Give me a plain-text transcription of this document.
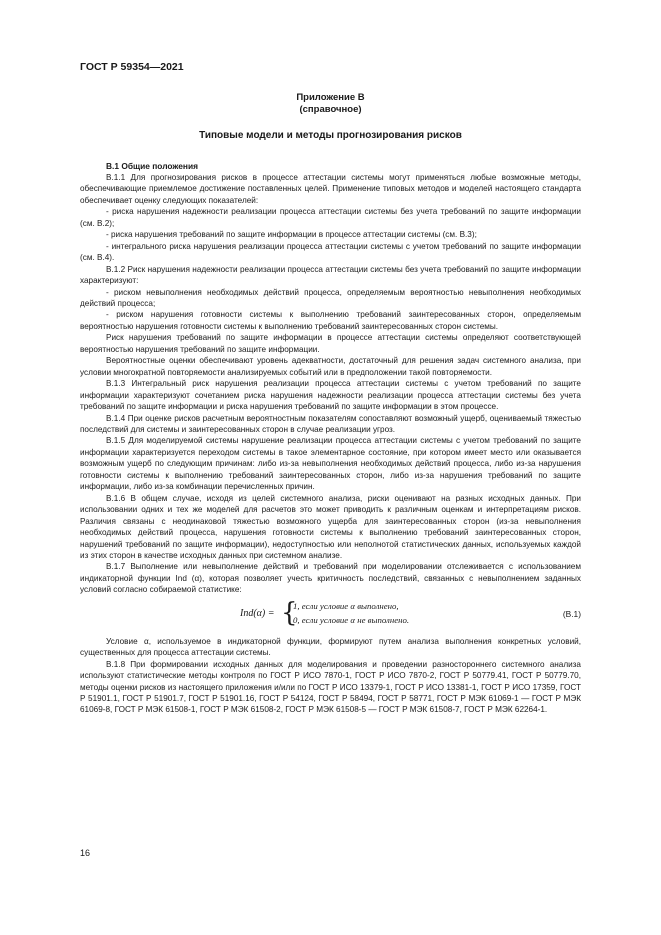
ГОСТ Р 59354—2021
Приложение В
(справочное)
Типовые модели и методы прогнозирования рисков
В.1 Общие положения

В.1.1 Для прогнозирования рисков в процессе аттестации системы могут применяться любые возможные методы, обеспечивающие приемлемое достижение поставленных целей. Применение типовых методов и моделей настоящего стандарта обеспечивает оценку следующих показателей:

- риска нарушения надежности реализации процесса аттестации системы без учета требований по защите информации (см. В.2);

- риска нарушения требований по защите информации в процессе аттестации системы (см. В.3);

- интегрального риска нарушения реализации процесса аттестации системы с учетом требований по защите информации (см. В.4).

В.1.2 Риск нарушения надежности реализации процесса аттестации системы без учета требований по защите информации характеризуют:

- риском невыполнения необходимых действий процесса, определяемым вероятностью невыполнения необходимых действий процесса;

- риском нарушения готовности системы к выполнению требований заинтересованных сторон, определяемым вероятностью нарушения готовности системы к выполнению требований заинтересованных сторон системы.

Риск нарушения требований по защите информации в процессе аттестации системы определяют соответствующей вероятностью нарушения требований по защите информации.

Вероятностные оценки обеспечивают уровень адекватности, достаточный для решения задач системного анализа, при условии многократной повторяемости анализируемых событий или в предположении такой повторяемости.

В.1.3 Интегральный риск нарушения реализации процесса аттестации системы с учетом требований по защите информации характеризуют сочетанием риска нарушения надежности реализации процесса аттестации системы без учета требований по защите информации и риска нарушения требований по защите информации в этом процессе.

В.1.4 При оценке рисков расчетным вероятностным показателям сопоставляют возможный ущерб, оцениваемый тяжестью последствий для системы и заинтересованных сторон в случае реализации угроз.

В.1.5 Для моделируемой системы нарушение реализации процесса аттестации системы с учетом требований по защите информации характеризуется переходом системы в такое элементарное состояние, при котором имеет место или оказывается возможным ущерб по следующим причинам: либо из-за невыполнения необходимых действий процесса, либо из-за нарушения готовности системы к выполнению требований заинтересованных сторон, либо из-за нарушения требований по защите информации, либо из-за комбинации перечисленных причин.

В.1.6 В общем случае, исходя из целей системного анализа, риски оценивают на разных исходных данных. При использовании одних и тех же моделей для расчетов это может приводить к различным оценкам и интерпретациям рисков. Различия связаны с неодинаковой тяжестью возможного ущерба для заинтересованных сторон (из-за невыполнения необходимых действий процесса, нарушения готовности системы к выполнению требований заинтересованных сторон, нарушений требований по защите информации), недоступностью или неполнотой статистических данных, используемых каждой из этих сторон в качестве исходных данных при системном анализе.

В.1.7 Выполнение или невыполнение действий и требований при моделировании отслеживается с использованием индикаторной функции Ind (α), которая позволяет учесть критичность последствий, связанных с невыполнением заданных условий согласно собираемой статистике:

Ind(α) = {
1, если условие α выполнено,
0, если условие α не выполнено.
(В.1)

Условие α, используемое в индикаторной функции, формируют путем анализа выполнения конкретных условий, существенных для процесса аттестации системы.

В.1.8 При формировании исходных данных для моделирования и проведении разностороннего системного анализа используют статистические методы контроля по ГОСТ Р ИСО 7870-1, ГОСТ Р ИСО 7870-2, ГОСТ Р 50779.41, ГОСТ Р 50779.70, методы оценки рисков из настоящего приложения и/или по ГОСТ Р ИСО 13379-1, ГОСТ Р ИСО 13381-1, ГОСТ Р ИСО 17359, ГОСТ Р 51901.1, ГОСТ Р 51901.7, ГОСТ Р 51901.16, ГОСТ Р 54124, ГОСТ Р 58494, ГОСТ Р 58771, ГОСТ Р МЭК 61069-1 — ГОСТ Р МЭК 61069-8, ГОСТ Р МЭК 61508-1, ГОСТ Р МЭК 61508-2, ГОСТ Р МЭК 61508-5 — ГОСТ Р МЭК 61508-7, ГОСТ Р МЭК 62264-1.

16
